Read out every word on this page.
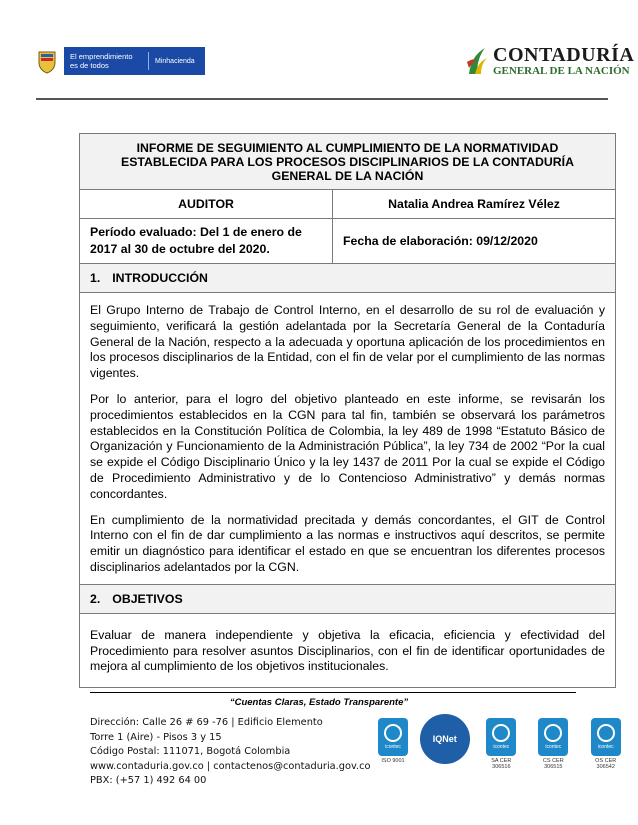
El emprendimiento es de todos	Minhacienda	CONTADURÍA
GENERAL DE LA NACIÓN
INFORME DE SEGUIMIENTO AL CUMPLIMIENTO DE LA NORMATIVIDAD ESTABLECIDA PARA LOS PROCESOS DISCIPLINARIOS DE LA CONTADURÍA GENERAL DE LA NACIÓN	
AUDITOR	Natalia Andrea Ramírez Vélez
Período evaluado: Del 1 de enero de 2017 al 30 de octubre del 2020.	Fecha de elaboración: 09/12/2020
1. INTRODUCCIÓN	

El Grupo Interno de Trabajo de Control Interno, en el desarrollo de su rol de evaluación y seguimiento, verificará la gestión adelantada por la Secretaría General de la Contaduría General de la Nación, respecto a la adecuada y oportuna aplicación de los procedimientos en los procesos disciplinarios de la Entidad, con el fin de velar por el cumplimiento de las normas vigentes.

Por lo anterior, para el logro del objetivo planteado en este informe, se revisarán los procedimientos establecidos en la CGN para tal fin, también se observará los parámetros establecidos en la Constitución Política de Colombia, la ley 489 de 1998 “Estatuto Básico de Organización y Funcionamiento de la Administración Pública”, la ley 734 de 2002 “Por la cual se expide el Código Disciplinario Único y la ley 1437 de 2011 Por la cual se expide el Código de Procedimiento Administrativo y de lo Contencioso Administrativo” y demás normas concordantes.

En cumplimiento de la normatividad precitada y demás concordantes, el GIT de Control Interno con el fin de dar cumplimiento a las normas e instructivos aquí descritos, se permite emitir un diagnóstico para identificar el estado en que se encuentran los diferentes procesos disciplinarios adelantados por la CGN.	

2. OBJETIVOS	

Evaluar de manera independiente y objetiva la eficacia, eficiencia y efectividad del Procedimiento para resolver asuntos Disciplinarios, con el fin de identificar oportunidades de mejora al cumplimiento de los objetivos institucionales.	

“Cuentas Claras, Estado Transparente”
Dirección: Calle 26 # 69 -76 | Edificio Elemento
Torre 1 (Aire) - Pisos 3 y 15
Código Postal: 111071, Bogotá Colombia
www.contaduria.gov.co | contactenos@contaduria.gov.co
PBX: (+57 1) 492 64 00
icontec
ISO 9001
IQNet
icontec
SA CER 306516
icontec
CS CER 306515
icontec
OS CER 306542
